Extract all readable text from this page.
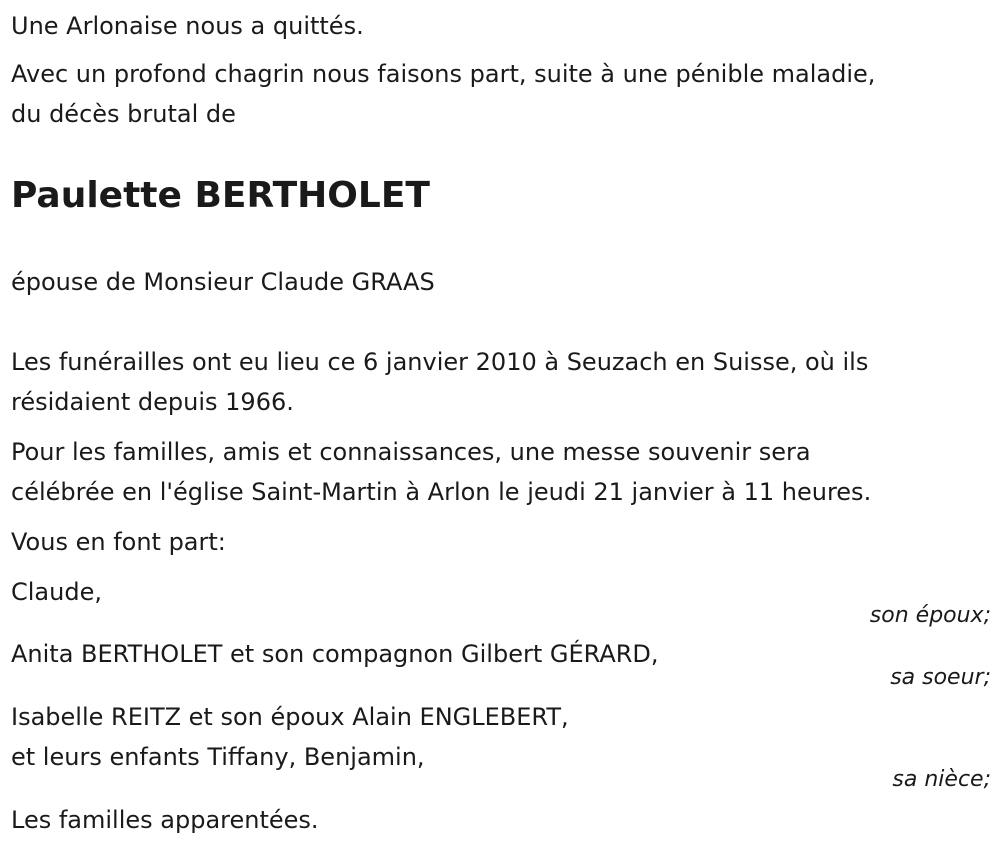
Une Arlonaise nous a quittés.
Avec un profond chagrin nous faisons part, suite à une pénible maladie,
du décès brutal de
Paulette BERTHOLET
épouse de Monsieur Claude GRAAS
Les funérailles ont eu lieu ce 6 janvier 2010 à Seuzach en Suisse, où ils
résidaient depuis 1966.
Pour les familles, amis et connaissances, une messe souvenir sera
célébrée en l'église Saint-Martin à Arlon le jeudi 21 janvier à 11 heures.
Vous en font part:
Claude,
son époux;
Anita BERTHOLET et son compagnon Gilbert GÉRARD,
sa soeur;
Isabelle REITZ et son époux Alain ENGLEBERT,
et leurs enfants Tiffany, Benjamin,
sa nièce;
Les familles apparentées.
